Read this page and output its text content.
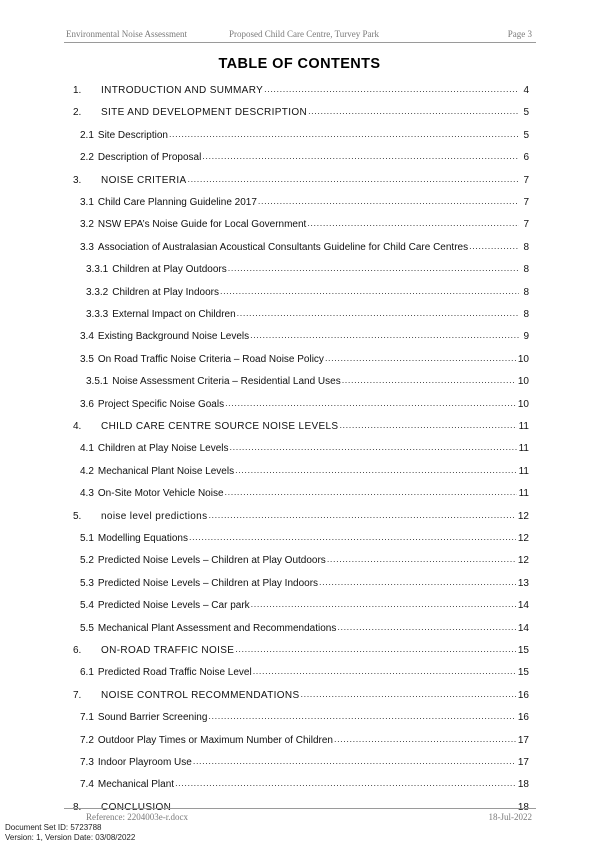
Environmental Noise Assessment	Proposed Child Care Centre, Turvey Park	Page 3
TABLE OF CONTENTS
1.	INTRODUCTION AND SUMMARY .....	4
2.	SITE AND DEVELOPMENT DESCRIPTION .....	5
2.1 Site Description .....	5
2.2 Description of Proposal .....	6
3.	NOISE CRITERIA .....	7
3.1 Child Care Planning Guideline 2017 .....	7
3.2 NSW EPA’s Noise Guide for Local Government .....	7
3.3 Association of Australasian Acoustical Consultants Guideline for Child Care Centres .....	8
3.3.1 Children at Play Outdoors .....	8
3.3.2 Children at Play Indoors .....	8
3.3.3 External Impact on Children .....	8
3.4 Existing Background Noise Levels .....	9
3.5 On Road Traffic Noise Criteria – Road Noise Policy .....	10
3.5.1 Noise Assessment Criteria – Residential Land Uses .....	10
3.6 Project Specific Noise Goals .....	10
4.	CHILD CARE CENTRE SOURCE NOISE LEVELS .....	11
4.1 Children at Play Noise Levels .....	11
4.2 Mechanical Plant Noise Levels .....	11
4.3 On-Site Motor Vehicle Noise .....	11
5.	noise level predictions .....	12
5.1 Modelling Equations .....	12
5.2 Predicted Noise Levels – Children at Play Outdoors .....	12
5.3 Predicted Noise Levels – Children at Play Indoors .....	13
5.4 Predicted Noise Levels – Car park .....	14
5.5 Mechanical Plant Assessment and Recommendations .....	14
6.	ON-ROAD TRAFFIC NOISE .....	15
6.1 Predicted Road Traffic Noise Level .....	15
7.	NOISE CONTROL RECOMMENDATIONS .....	16
7.1 Sound Barrier Screening .....	16
7.2 Outdoor Play Times or Maximum Number of Children .....	17
7.3 Indoor Playroom Use .....	17
7.4 Mechanical Plant .....	18
8.	CONCLUSION .....	18
Reference: 2204003e-r.docx	18-Jul-2022
Document Set ID: 5723788
Version: 1, Version Date: 03/08/2022
